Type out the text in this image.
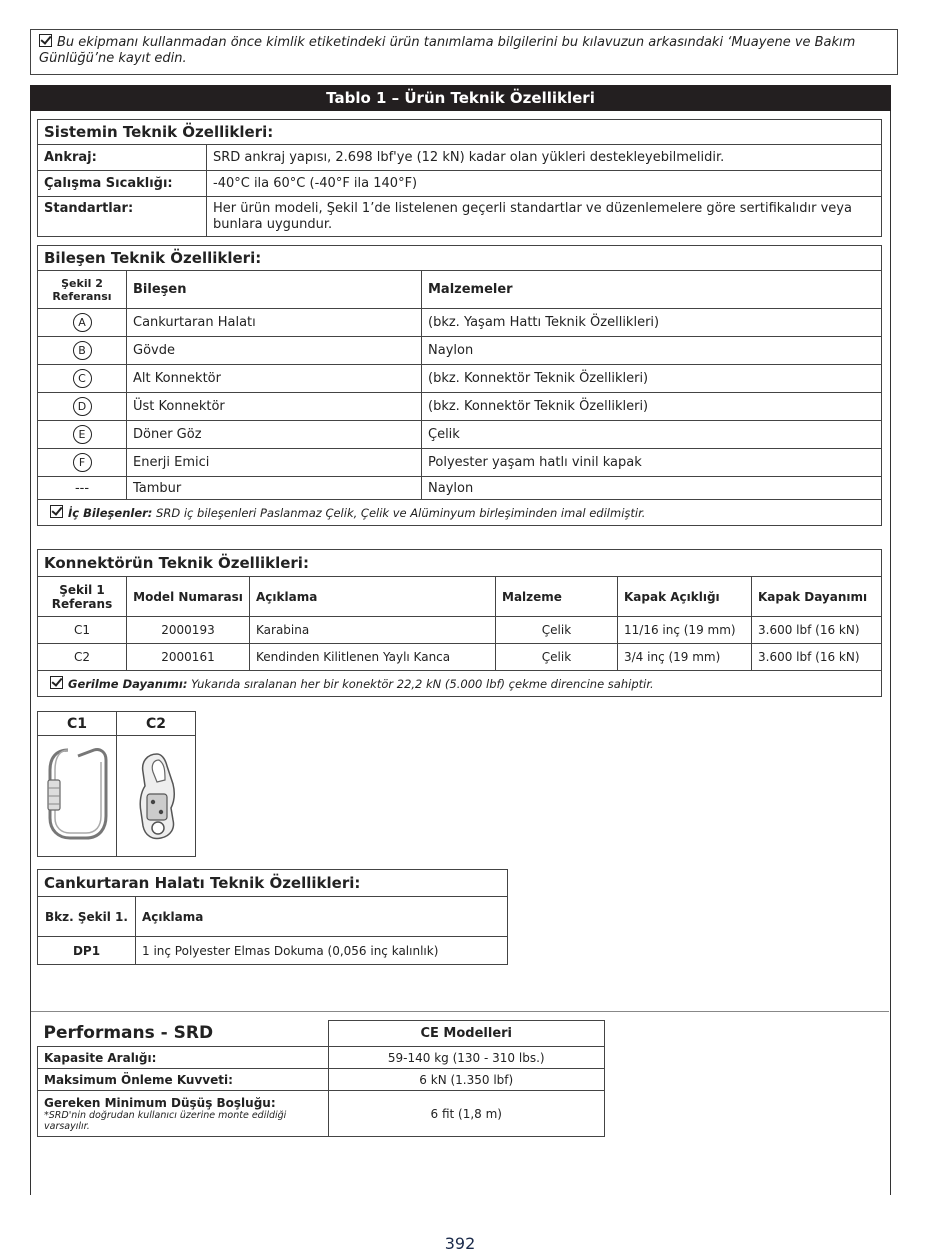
Bu ekipmanı kullanmadan önce kimlik etiketindeki ürün tanımlama bilgilerini bu kılavuzun arkasındaki ‘Muayene ve Bakım Günlüğü’ne kayıt edin.
Tablo 1 – Ürün Teknik Özellikleri
Sistemin Teknik Özellikleri:	
Ankraj:	SRD ankraj yapısı, 2.698 lbf'ye (12 kN) kadar olan yükleri destekleyebilmelidir.
Çalışma Sıcaklığı:	-40°C ila 60°C (-40°F ila 140°F)
Standartlar:	Her ürün modeli, Şekil 1’de listelenen geçerli standartlar ve düzenlemelere göre sertifikalıdır veya bunlara uygundur.
Bileşen Teknik Özellikleri:		
Şekil 2 Referansı	Bileşen	Malzemeler
A	Cankurtaran Halatı	(bkz. Yaşam Hattı Teknik Özellikleri)
B	Gövde	Naylon
C	Alt Konnektör	(bkz. Konnektör Teknik Özellikleri)
D	Üst Konnektör	(bkz. Konnektör Teknik Özellikleri)
E	Döner Göz	Çelik
F	Enerji Emici	Polyester yaşam hatlı vinil kapak
---	Tambur	Naylon
İç Bileşenler: SRD iç bileşenleri Paslanmaz Çelik, Çelik ve Alüminyum birleşiminden imal edilmiştir.		
Konnektörün Teknik Özellikleri:					
Şekil 1 Referans	Model Numarası	Açıklama	Malzeme	Kapak Açıklığı	Kapak Dayanımı
C1	2000193	Karabina	Çelik	11/16 inç (19 mm)	3.600 lbf (16 kN)
C2	2000161	Kendinden Kilitlenen Yaylı Kanca	Çelik	3/4 inç (19 mm)	3.600 lbf (16 kN)
Gerilme Dayanımı: Yukarıda sıralanan her bir konektör 22,2 kN (5.000 lbf) çekme direncine sahiptir.					
C1	C2

Cankurtaran Halatı Teknik Özellikleri:	
Bkz. Şekil 1.	Açıklama
DP1	1 inç Polyester Elmas Dokuma (0,056 inç kalınlık)
Performans - SRD	CE Modelleri
Kapasite Aralığı:	59-140 kg (130 - 310 lbs.)
Maksimum Önleme Kuvveti:	6 kN (1.350 lbf)

Gereken Minimum Düşüş Boşluğu:
*SRD'nin doğrudan kullanıcı üzerine monte edildiği varsayılır.	6 fit (1,8 m)
392
